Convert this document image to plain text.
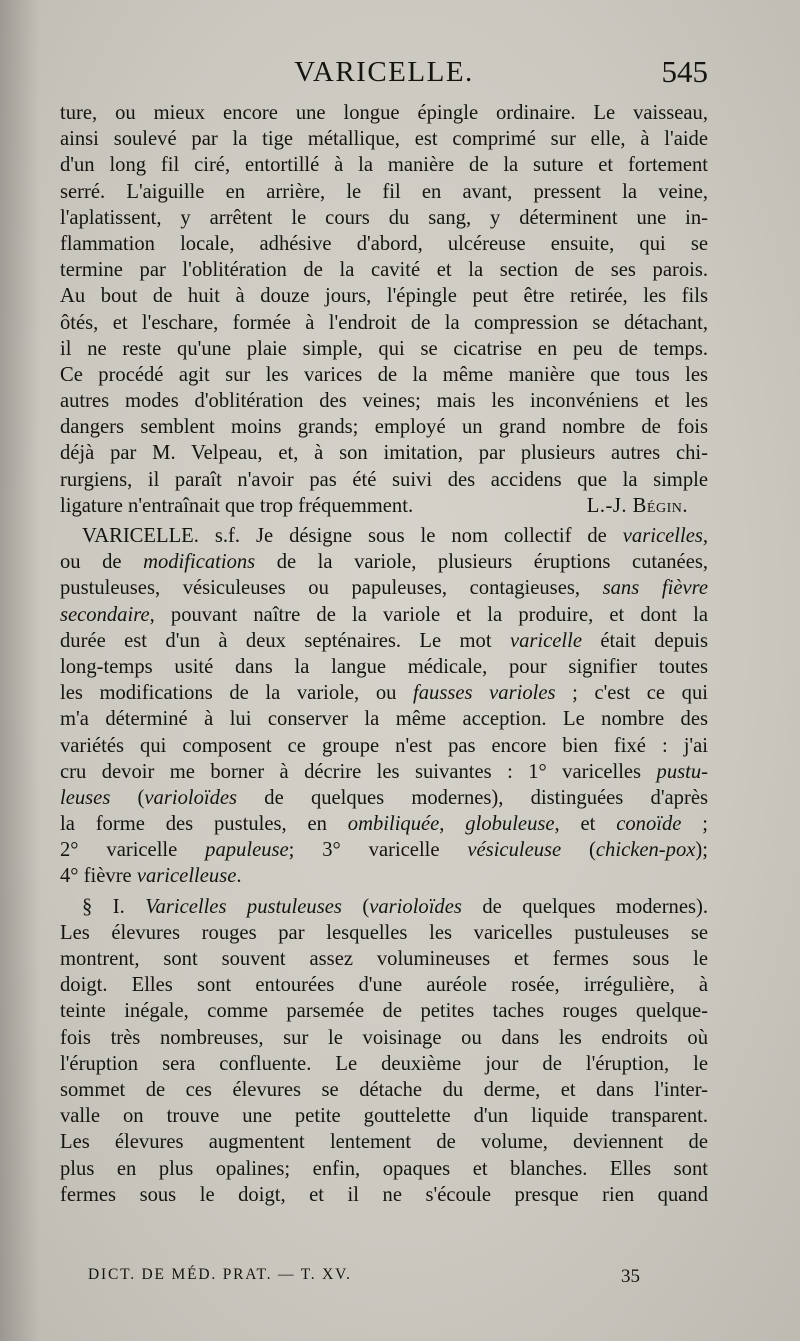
VARICELLE.	545
ture, ou mieux encore une longue épingle ordinaire. Le vaisseau,
ainsi soulevé par la tige métallique, est comprimé sur elle, à l'aide
d'un long fil ciré, entortillé à la manière de la suture et fortement
serré. L'aiguille en arrière, le fil en avant, pressent la veine,
l'aplatissent, y arrêtent le cours du sang, y déterminent une in-
flammation locale, adhésive d'abord, ulcéreuse ensuite, qui se
termine par l'oblitération de la cavité et la section de ses parois.
Au bout de huit à douze jours, l'épingle peut être retirée, les fils
ôtés, et l'eschare, formée à l'endroit de la compression se détachant,
il ne reste qu'une plaie simple, qui se cicatrise en peu de temps.
Ce procédé agit sur les varices de la même manière que tous les
autres modes d'oblitération des veines; mais les inconvéniens et les
dangers semblent moins grands; employé un grand nombre de fois
déjà par M. Velpeau, et, à son imitation, par plusieurs autres chi-
rurgiens, il paraît n'avoir pas été suivi des accidens que la simple
ligature n'entraînait que trop fréquemment.	L.-J. Bégin.
VARICELLE. s.f. Je désigne sous le nom collectif de varicelles,
ou de modifications de la variole, plusieurs éruptions cutanées,
pustuleuses, vésiculeuses ou papuleuses, contagieuses, sans fièvre
secondaire, pouvant naître de la variole et la produire, et dont la
durée est d'un à deux septénaires. Le mot varicelle était depuis
long-temps usité dans la langue médicale, pour signifier toutes
les modifications de la variole, ou fausses varioles ; c'est ce qui
m'a déterminé à lui conserver la même acception. Le nombre des
variétés qui composent ce groupe n'est pas encore bien fixé : j'ai
cru devoir me borner à décrire les suivantes : 1° varicelles pustu-
leuses (varioloïdes de quelques modernes), distinguées d'après
la forme des pustules, en ombiliquée, globuleuse, et conoïde ;
2° varicelle papuleuse; 3° varicelle vésiculeuse (chicken-pox);
4° fièvre varicelleuse.
§ I. Varicelles pustuleuses (varioloïdes de quelques modernes).
Les élevures rouges par lesquelles les varicelles pustuleuses se
montrent, sont souvent assez volumineuses et fermes sous le
doigt. Elles sont entourées d'une auréole rosée, irrégulière, à
teinte inégale, comme parsemée de petites taches rouges quelque-
fois très nombreuses, sur le voisinage ou dans les endroits où
l'éruption sera confluente. Le deuxième jour de l'éruption, le
sommet de ces élevures se détache du derme, et dans l'inter-
valle on trouve une petite gouttelette d'un liquide transparent.
Les élevures augmentent lentement de volume, deviennent de
plus en plus opalines; enfin, opaques et blanches. Elles sont
fermes sous le doigt, et il ne s'écoule presque rien quand
DICT. DE MÉD. PRAT. — T. XV.	35
